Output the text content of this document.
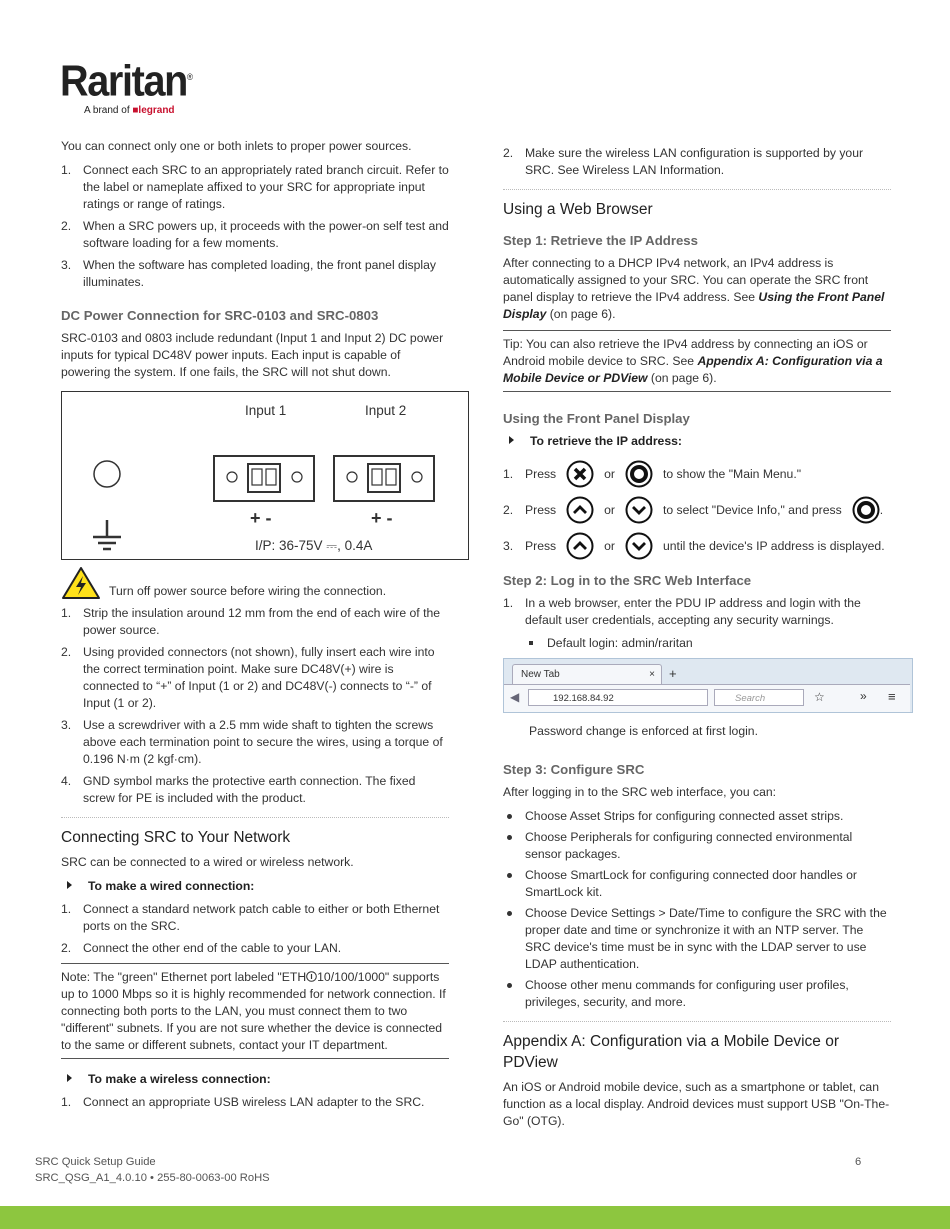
Raritan®
A brand of ■legrand

You can connect only one or both inlets to proper power sources.

1. Connect each SRC to an appropriately rated branch circuit. Refer to the label or nameplate affixed to your SRC for appropriate input ratings or range of ratings.
2. When a SRC powers up, it proceeds with the power-on self test and software loading for a few moments.
3. When the software has completed loading, the front panel display illuminates.
DC Power Connection for SRC-0103 and SRC-0803

SRC-0103 and 0803 include redundant (Input 1 and Input 2) DC power inputs for typical DC48V power inputs. Each input is capable of powering the system. If one fails, the SRC will not shut down.

Input 1	Input 2
+ -	+ -
I/P: 36-75V ⎓, 0.4A
Turn off power source before wiring the connection.
1. Strip the insulation around 12 mm from the end of each wire of the power source.
2. Using provided connectors (not shown), fully insert each wire into the correct termination point. Make sure DC48V(+) wire is connected to “+” of Input (1 or 2) and DC48V(-) connects to “-” of Input (1 or 2).
3. Use a screwdriver with a 2.5 mm wide shaft to tighten the screws above each termination point to secure the wires, using a torque of 0.196 N·m (2 kgf·cm).
4. GND symbol marks the protective earth connection. The fixed screw for PE is included with the product.
Connecting SRC to Your Network

SRC can be connected to a wired or wireless network.

To make a wired connection:
1. Connect a standard network patch cable to either or both Ethernet ports on the SRC.
2. Connect the other end of the cable to your LAN.
Note: The "green" Ethernet port labeled "ETH 10/100/1000" supports up to 1000 Mbps so it is highly recommended for network connection. If connecting both ports to the LAN, you must connect them to two "different" subnets. If you are not sure whether the device is connected to the same or different subnets, contact your IT department.
To make a wireless connection:
1. Connect an appropriate USB wireless LAN adapter to the SRC.
2. Make sure the wireless LAN configuration is supported by your SRC. See Wireless LAN Information.
Using a Web Browser
Step 1: Retrieve the IP Address

After connecting to a DHCP IPv4 network, an IPv4 address is automatically assigned to your SRC. You can operate the SRC front panel display to retrieve the IPv4 address. See Using the Front Panel Display (on page 6).

Tip: You can also retrieve the IPv4 address by connecting an iOS or Android mobile device to SRC. See Appendix A: Configuration via a Mobile Device or PDView (on page 6).
Using the Front Panel Display
To retrieve the IP address:
1. Press	or	to show the "Main Menu."
2. Press	or	to select "Device Info," and press	.
3. Press	or	until the device's IP address is displayed.
Step 2: Log in to the SRC Web Interface
1. In a web browser, enter the PDU IP address and login with the default user credentials, accepting any security warnings.
Default login: admin/raritan
New Tab	× +
◀	192.168.84.92	Search	☆	» ≡

Password change is enforced at first login.

Step 3: Configure SRC

After logging in to the SRC web interface, you can:

Choose Asset Strips for configuring connected asset strips.
Choose Peripherals for configuring connected environmental sensor packages.
Choose SmartLock for configuring connected door handles or SmartLock kit.
Choose Device Settings > Date/Time to configure the SRC with the proper date and time or synchronize it with an NTP server. The SRC device's time must be in sync with the LDAP server to use LDAP authentication.
Choose other menu commands for configuring user profiles, privileges, security, and more.
Appendix A: Configuration via a Mobile Device or PDView

An iOS or Android mobile device, such as a smartphone or tablet, can function as a local display. Android devices must support USB "On-The-Go" (OTG).

SRC Quick Setup Guide
SRC_QSG_A1_4.0.10 • 255-80-0063-00 RoHS
6
